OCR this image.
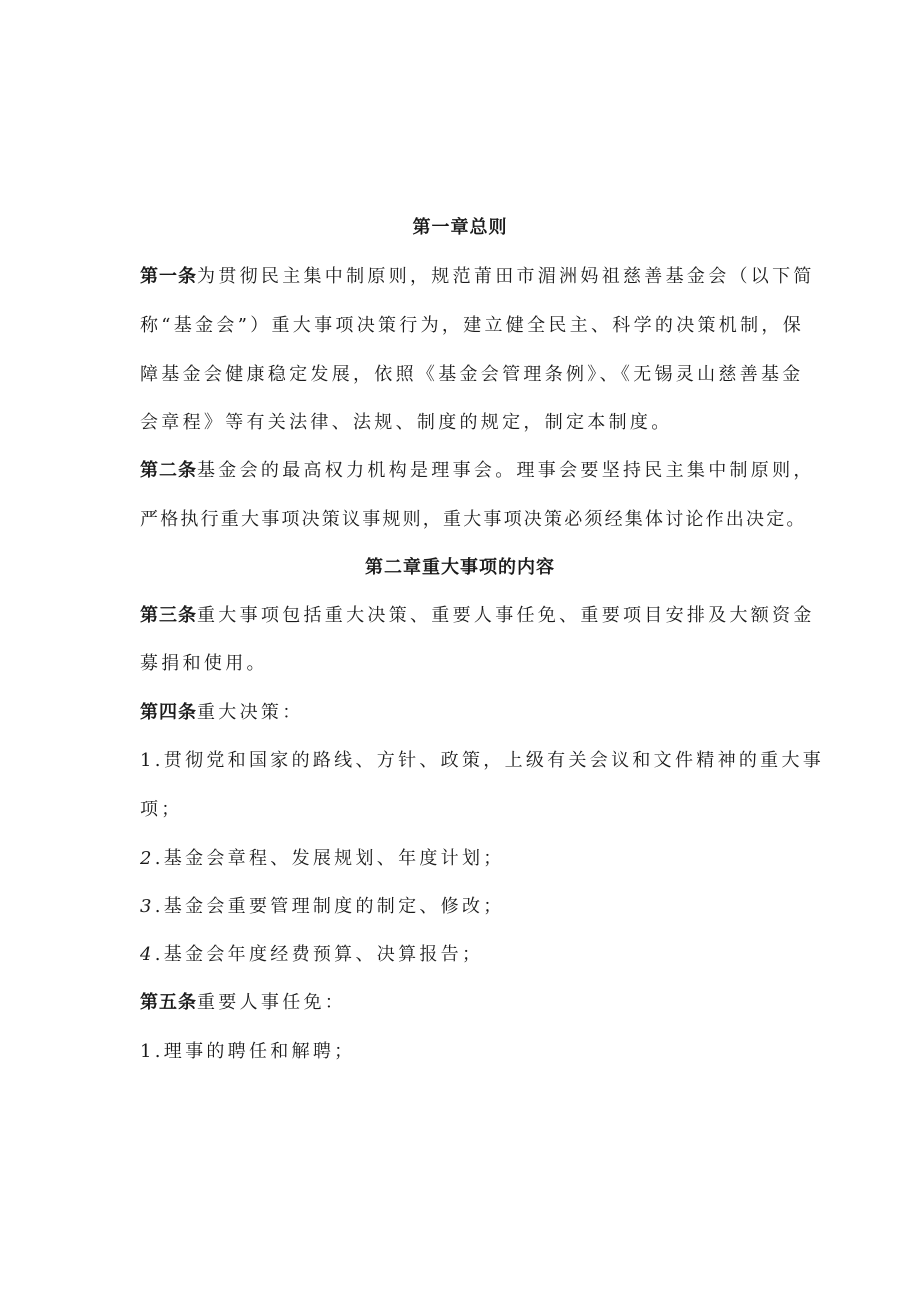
第一章总则
第一条为贯彻民主集中制原则，规范莆田市湄洲妈祖慈善基金会（以下简
称“基金会”）重大事项决策行为，建立健全民主、科学的决策机制，保
障基金会健康稳定发展，依照《基金会管理条例》、《无锡灵山慈善基金
会章程》等有关法律、法规、制度的规定，制定本制度。
第二条基金会的最高权力机构是理事会。理事会要坚持民主集中制原则，
严格执行重大事项决策议事规则，重大事项决策必须经集体讨论作出决定。
第二章重大事项的内容
第三条重大事项包括重大决策、重要人事任免、重要项目安排及大额资金
募捐和使用。
第四条重大决策：
1.贯彻党和国家的路线、方针、政策，上级有关会议和文件精神的重大事
项；
2.基金会章程、发展规划、年度计划；
3.基金会重要管理制度的制定、修改；
4.基金会年度经费预算、决算报告；
第五条重要人事任免：
1.理事的聘任和解聘；
